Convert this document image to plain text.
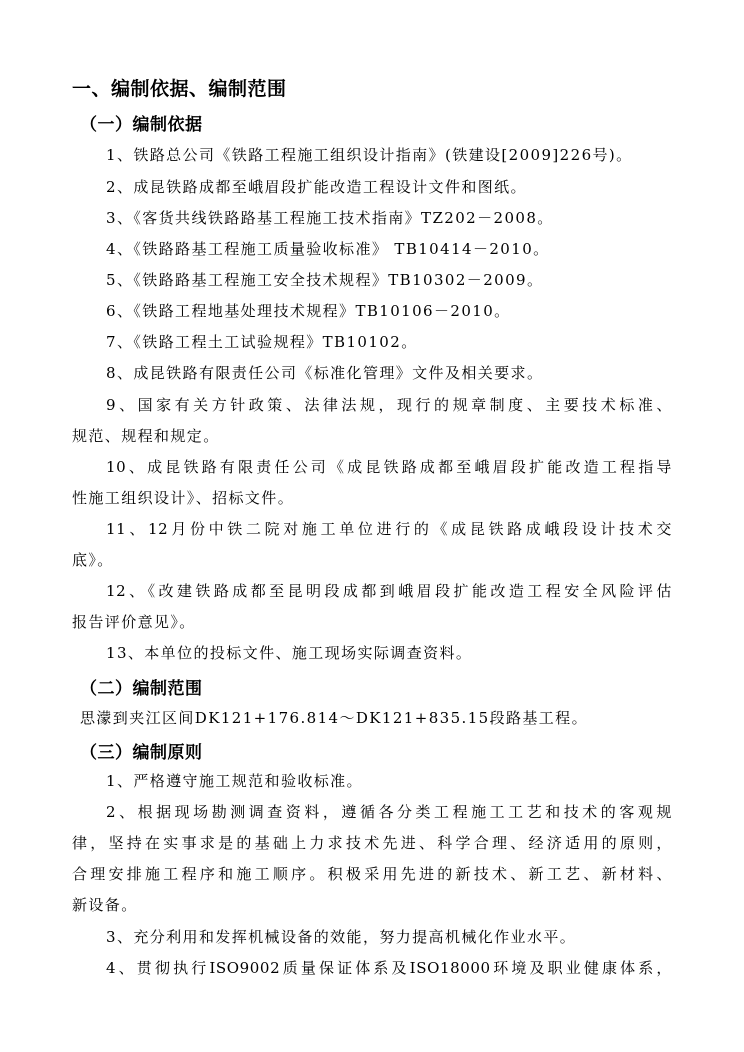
一、编制依据、编制范围
（一）编制依据
1、铁路总公司《铁路工程施工组织设计指南》(铁建设[2009]226号)。
2、成昆铁路成都至峨眉段扩能改造工程设计文件和图纸。
3、《客货共线铁路路基工程施工技术指南》TZ202－2008。
4、《铁路路基工程施工质量验收标准》 TB10414－2010。
5、《铁路路基工程施工安全技术规程》TB10302－2009。
6、《铁路工程地基处理技术规程》TB10106－2010。
7、《铁路工程土工试验规程》TB10102。
8、成昆铁路有限责任公司《标准化管理》文件及相关要求。
9、国家有关方针政策、法律法规，现行的规章制度、主要技术标准、
规范、规程和规定。
10、成昆铁路有限责任公司《成昆铁路成都至峨眉段扩能改造工程指导
性施工组织设计》、招标文件。
11、12月份中铁二院对施工单位进行的《成昆铁路成峨段设计技术交
底》。
12、《改建铁路成都至昆明段成都到峨眉段扩能改造工程安全风险评估
报告评价意见》。
13、本单位的投标文件、施工现场实际调查资料。
（二）编制范围
思濛到夹江区间DK121+176.814～DK121+835.15段路基工程。
（三）编制原则
1、严格遵守施工规范和验收标准。
2、根据现场勘测调查资料，遵循各分类工程施工工艺和技术的客观规
律，坚持在实事求是的基础上力求技术先进、科学合理、经济适用的原则，
合理安排施工程序和施工顺序。积极采用先进的新技术、新工艺、新材料、
新设备。
3、充分利用和发挥机械设备的效能，努力提高机械化作业水平。
4、贯彻执行ISO9002质量保证体系及ISO18000环境及职业健康体系，
